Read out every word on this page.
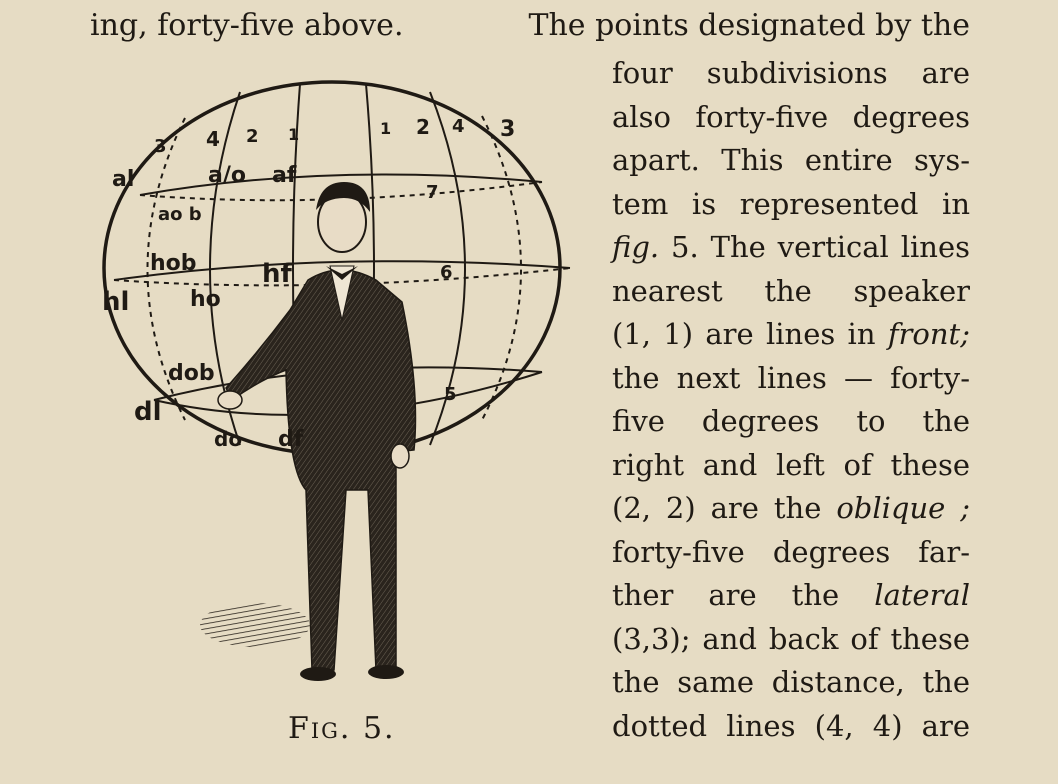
ing, forty-five above.	The points designated by the
al	a/o af
ao b
hob
hl	ho
hf
dob
dl
do df
3 4 2 1	1 2 4 3
7
6
5
Fig. 5.
four subdivisions are
also forty-five degrees
apart. This entire sys-
tem is represented in
fig. 5. The vertical lines
nearest the speaker
(1, 1) are lines in front;
the next lines — forty-
five degrees to the
right and left of these
(2, 2) are the oblique ;
forty-five degrees far-
ther are the lateral
(3,3); and back of these
the same distance, the
dotted lines (4, 4) are
